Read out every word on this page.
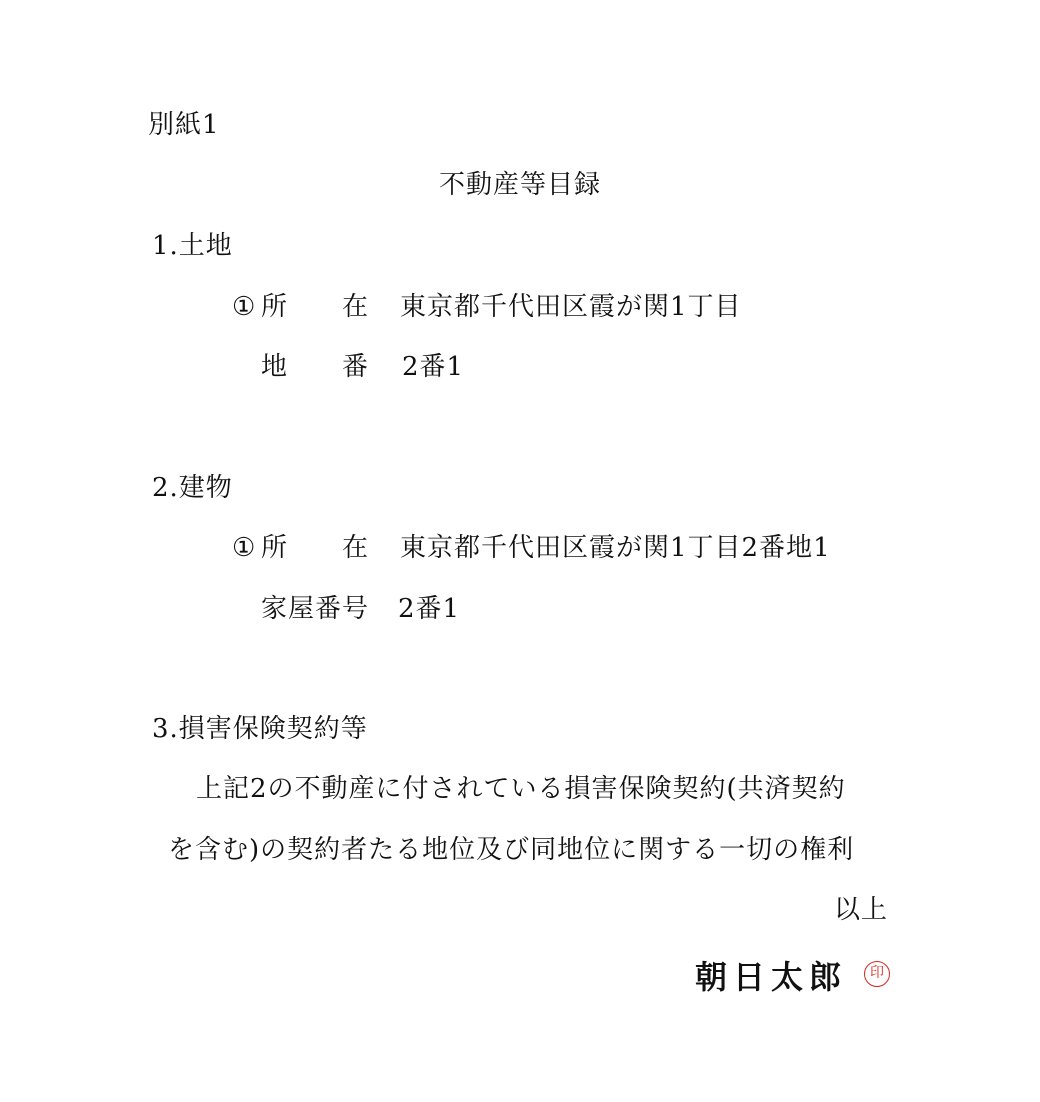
別紙1
不動産等目録
1.土地
① 所　　在 東京都千代田区霞が関1丁目
地　　番 2番1
2.建物
① 所　　在 東京都千代田区霞が関1丁目2番地1
家屋番号 2番1
3.損害保険契約等
上記2の不動産に付されている損害保険契約(共済契約
を含む)の契約者たる地位及び同地位に関する一切の権利
以上
朝日太郎	印
